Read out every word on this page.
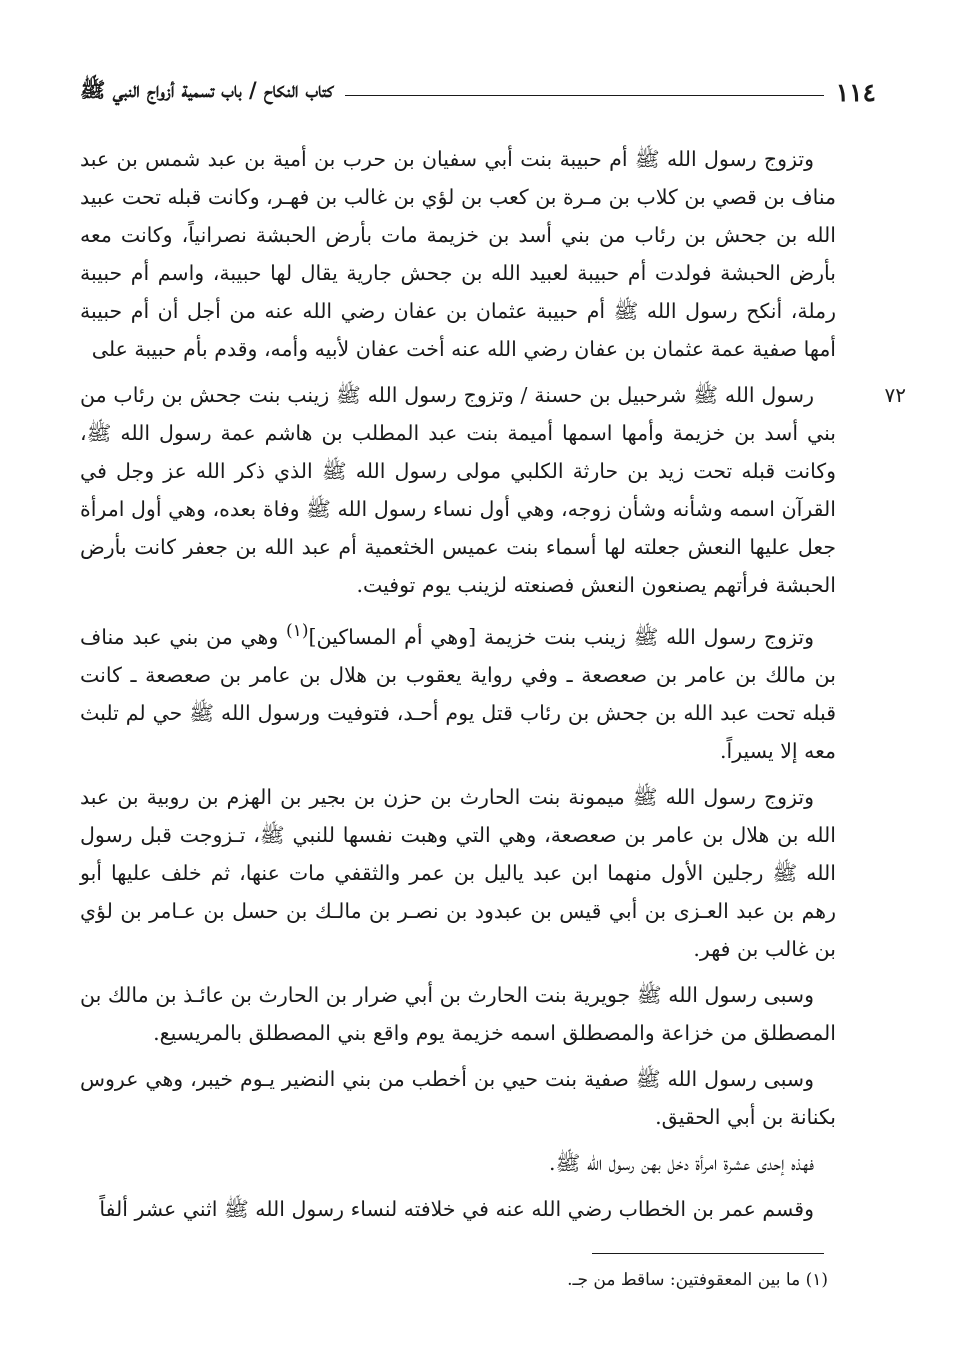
١١٤
كتاب النكاح / باب تسمية أزواج النبي ﷺ

وتزوج رسول الله ﷺ أم حبيبة بنت أبي سفيان بن حرب بن أمية بن عبد شمس بن عبد مناف بن قصي بن كلاب بن مـرة بن كعب بن لؤي بن غالب بن فهـر، وكانت قبله تحت عبيد الله بن جحش بن رئاب من بني أسد بن خزيمة مات بأرض الحبشة نصرانياً، وكانت معه بأرض الحبشة فولدت أم حبيبة لعبيد الله بن جحش جارية يقال لها حبيبة، واسم أم حبيبة رملة، أنكح رسول الله ﷺ أم حبيبة عثمان بن عفان رضي الله عنه من أجل أن أم حبيبة أمها صفية عمة عثمان بن عفان رضي الله عنه أخت عفان لأبيه وأمه، وقدم بأم حبيبة على

٧٢
رسول الله ﷺ شرحبيل بن حسنة / وتزوج رسول الله ﷺ زينب بنت جحش بن رئاب من بني أسد بن خزيمة وأمها اسمها أميمة بنت عبد المطلب بن هاشم عمة رسول الله ﷺ، وكانت قبله تحت زيد بن حارثة الكلبي مولى رسول الله ﷺ الذي ذكر الله عز وجل في القرآن اسمه وشأنه وشأن زوجه، وهي أول نساء رسول الله ﷺ وفاة بعده، وهي أول امرأة جعل عليها النعش جعلته لها أسماء بنت عميس الخثعمية أم عبد الله بن جعفر كانت بأرض الحبشة فرأتهم يصنعون النعش فصنعته لزينب يوم توفيت.

وتزوج رسول الله ﷺ زينب بنت خزيمة [وهي أم المساكين]$^{(١)}$ وهي من بني عبد مناف بن مالك بن عامر بن صعصعة ـ وفي رواية يعقوب بن هلال بن عامر بن صعصعة ـ كانت قبله تحت عبد الله بن جحش بن رئاب قتل يوم أحـد، فتوفيت ورسول الله ﷺ حي لم تلبث معه إلا يسيراً.

وتزوج رسول الله ﷺ ميمونة بنت الحارث بن حزن بن بجير بن الهزم بن روبية بن عبد الله بن هلال بن عامر بن صعصعة، وهي التي وهبت نفسها للنبي ﷺ، تـزوجت قبل رسول الله ﷺ رجلين الأول منهما ابن عبد ياليل بن عمر والثقفي مات عنها، ثم خلف عليها أبو رهم بن عبد العـزى بن أبي قيس بن عبدود بن نصـر بن مالـك بن حسل بن عـامر بن لؤي بن غالب بن فهر.

وسبى رسول الله ﷺ جويرية بنت الحارث بن أبي ضرار بن الحارث بن عائـذ بن مالك بن المصطلق من خزاعة والمصطلق اسمه خزيمة يوم واقع بني المصطلق بالمريسيع.

وسبى رسول الله ﷺ صفية بنت حيي بن أخطب من بني النضير يـوم خيبر، وهي عروس بكنانة بن أبي الحقيق.

فهذه إحدى عشرة امرأة دخل بهن رسول الله ﷺ.

وقسم عمر بن الخطاب رضي الله عنه في خلافته لنساء رسول الله ﷺ اثني عشر ألفاً

(١) ما بين المعقوفتين: ساقط من جـ.
